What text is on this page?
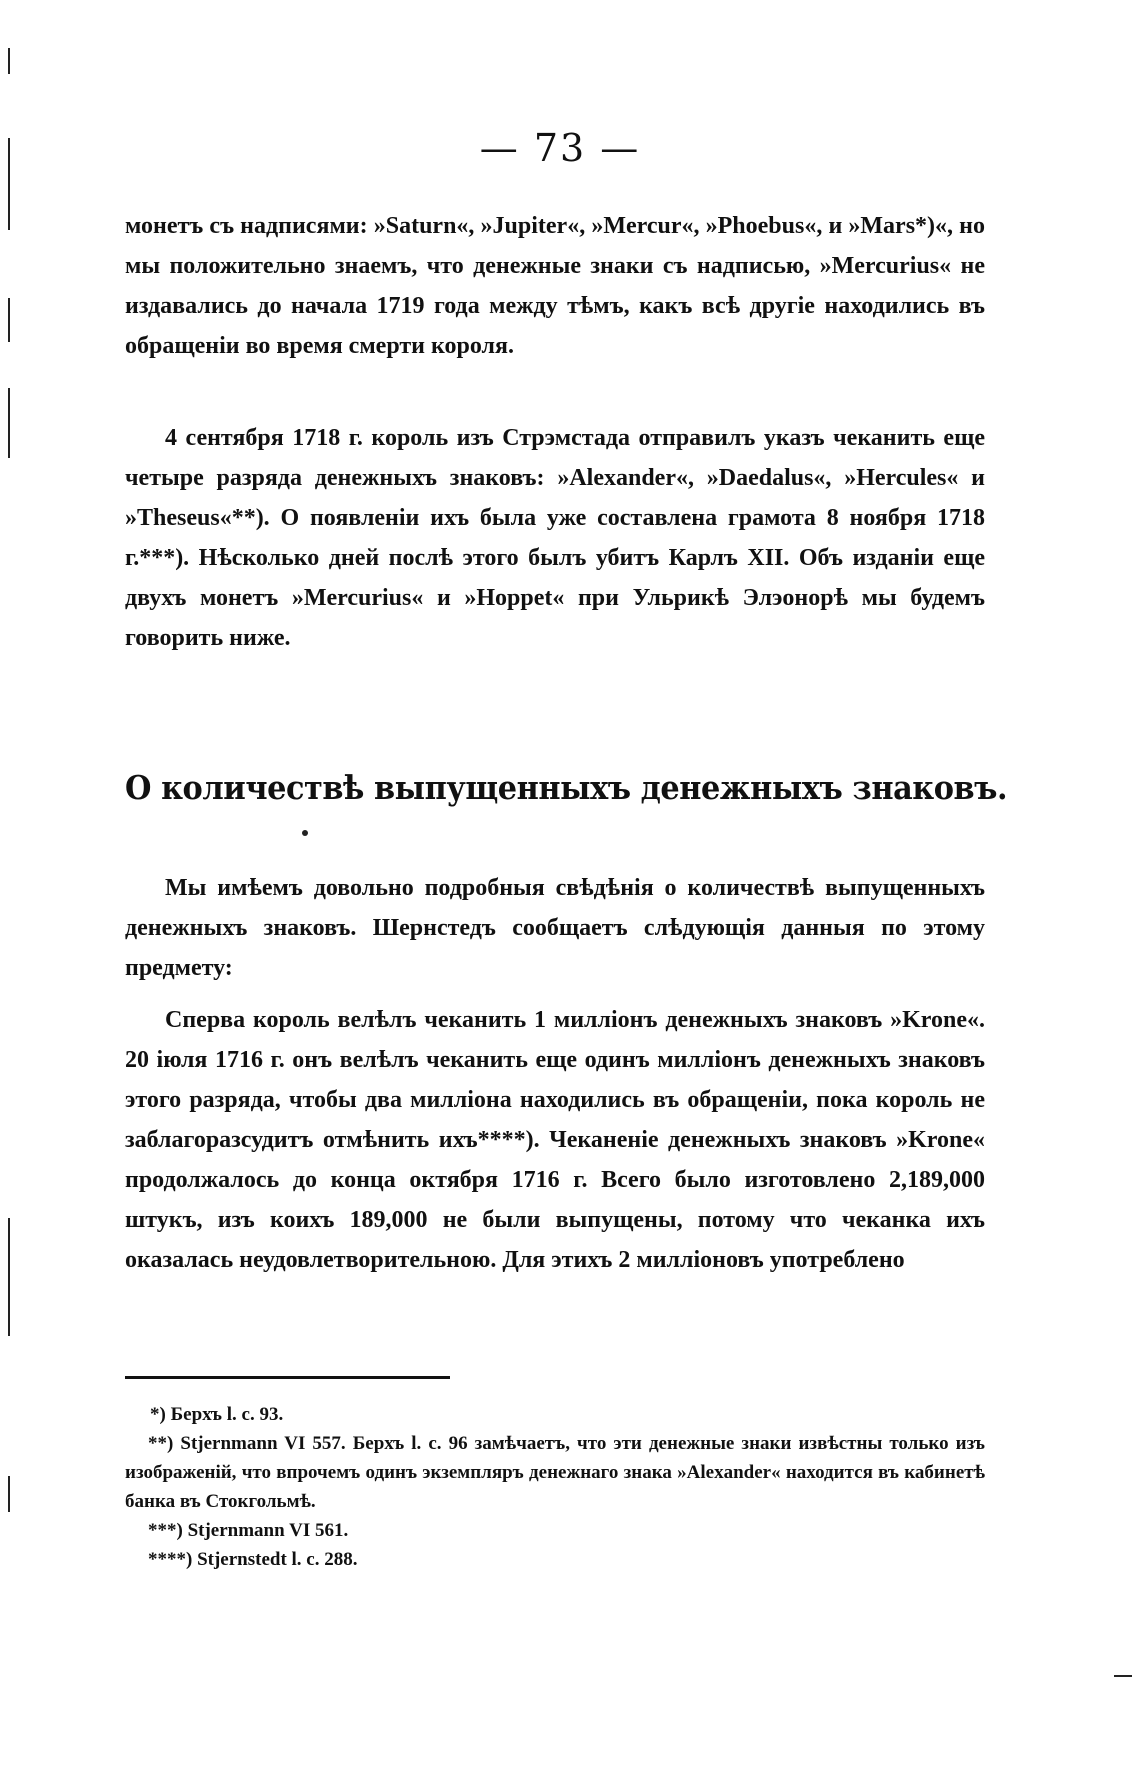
— 73 —

монетъ съ надписями: »Saturn«, »Jupiter«, »Mercur«, »Phoebus«, и »Mars*)«, но мы положительно знаемъ, что денежные знаки съ надписью, »Mercurius« не издавались до начала 1719 года между тѣмъ, какъ всѣ другіе находились въ обращеніи во время смерти короля.

4 сентября 1718 г. король изъ Стрэмстада отправилъ указъ чеканить еще четыре разряда денежныхъ знаковъ: »Alexander«, »Daedalus«, »Hercules« и »Theseus«**). О появленіи ихъ была уже составлена грамота 8 ноября 1718 г.***). Нѣсколько дней послѣ этого былъ убитъ Карлъ XII. Объ изданіи еще двухъ монетъ »Mercurius« и »Hoppet« при Ульрикѣ Элэонорѣ мы будемъ говорить ниже.

О количествѣ выпущенныхъ денежныхъ знаковъ.

Мы имѣемъ довольно подробныя свѣдѣнія о количествѣ выпущенныхъ денежныхъ знаковъ. Шернстедъ сообщаетъ слѣдующія данныя по этому предмету:

Сперва король велѣлъ чеканить 1 милліонъ денежныхъ знаковъ »Krone«. 20 іюля 1716 г. онъ велѣлъ чеканить еще одинъ милліонъ денежныхъ знаковъ этого разряда, чтобы два милліона находились въ обращеніи, пока король не заблагоразсудитъ отмѣнить ихъ****). Чеканеніе денежныхъ знаковъ »Krone« продолжалось до конца октября 1716 г. Всего было изготовлено 2,189,000 штукъ, изъ коихъ 189,000 не были выпущены, потому что чеканка ихъ оказалась неудовлетворительною. Для этихъ 2 милліоновъ употреблено

*) Берхъ l. c. 93.

**) Stjernmann VI 557. Берхъ l. c. 96 замѣчаетъ, что эти денежные знаки извѣстны только изъ изображеній, что впрочемъ одинъ экземпляръ денежнаго знака »Alexander« находится въ кабинетѣ банка въ Стокгольмѣ.

***) Stjernmann VI 561.

****) Stjernstedt l. c. 288.
